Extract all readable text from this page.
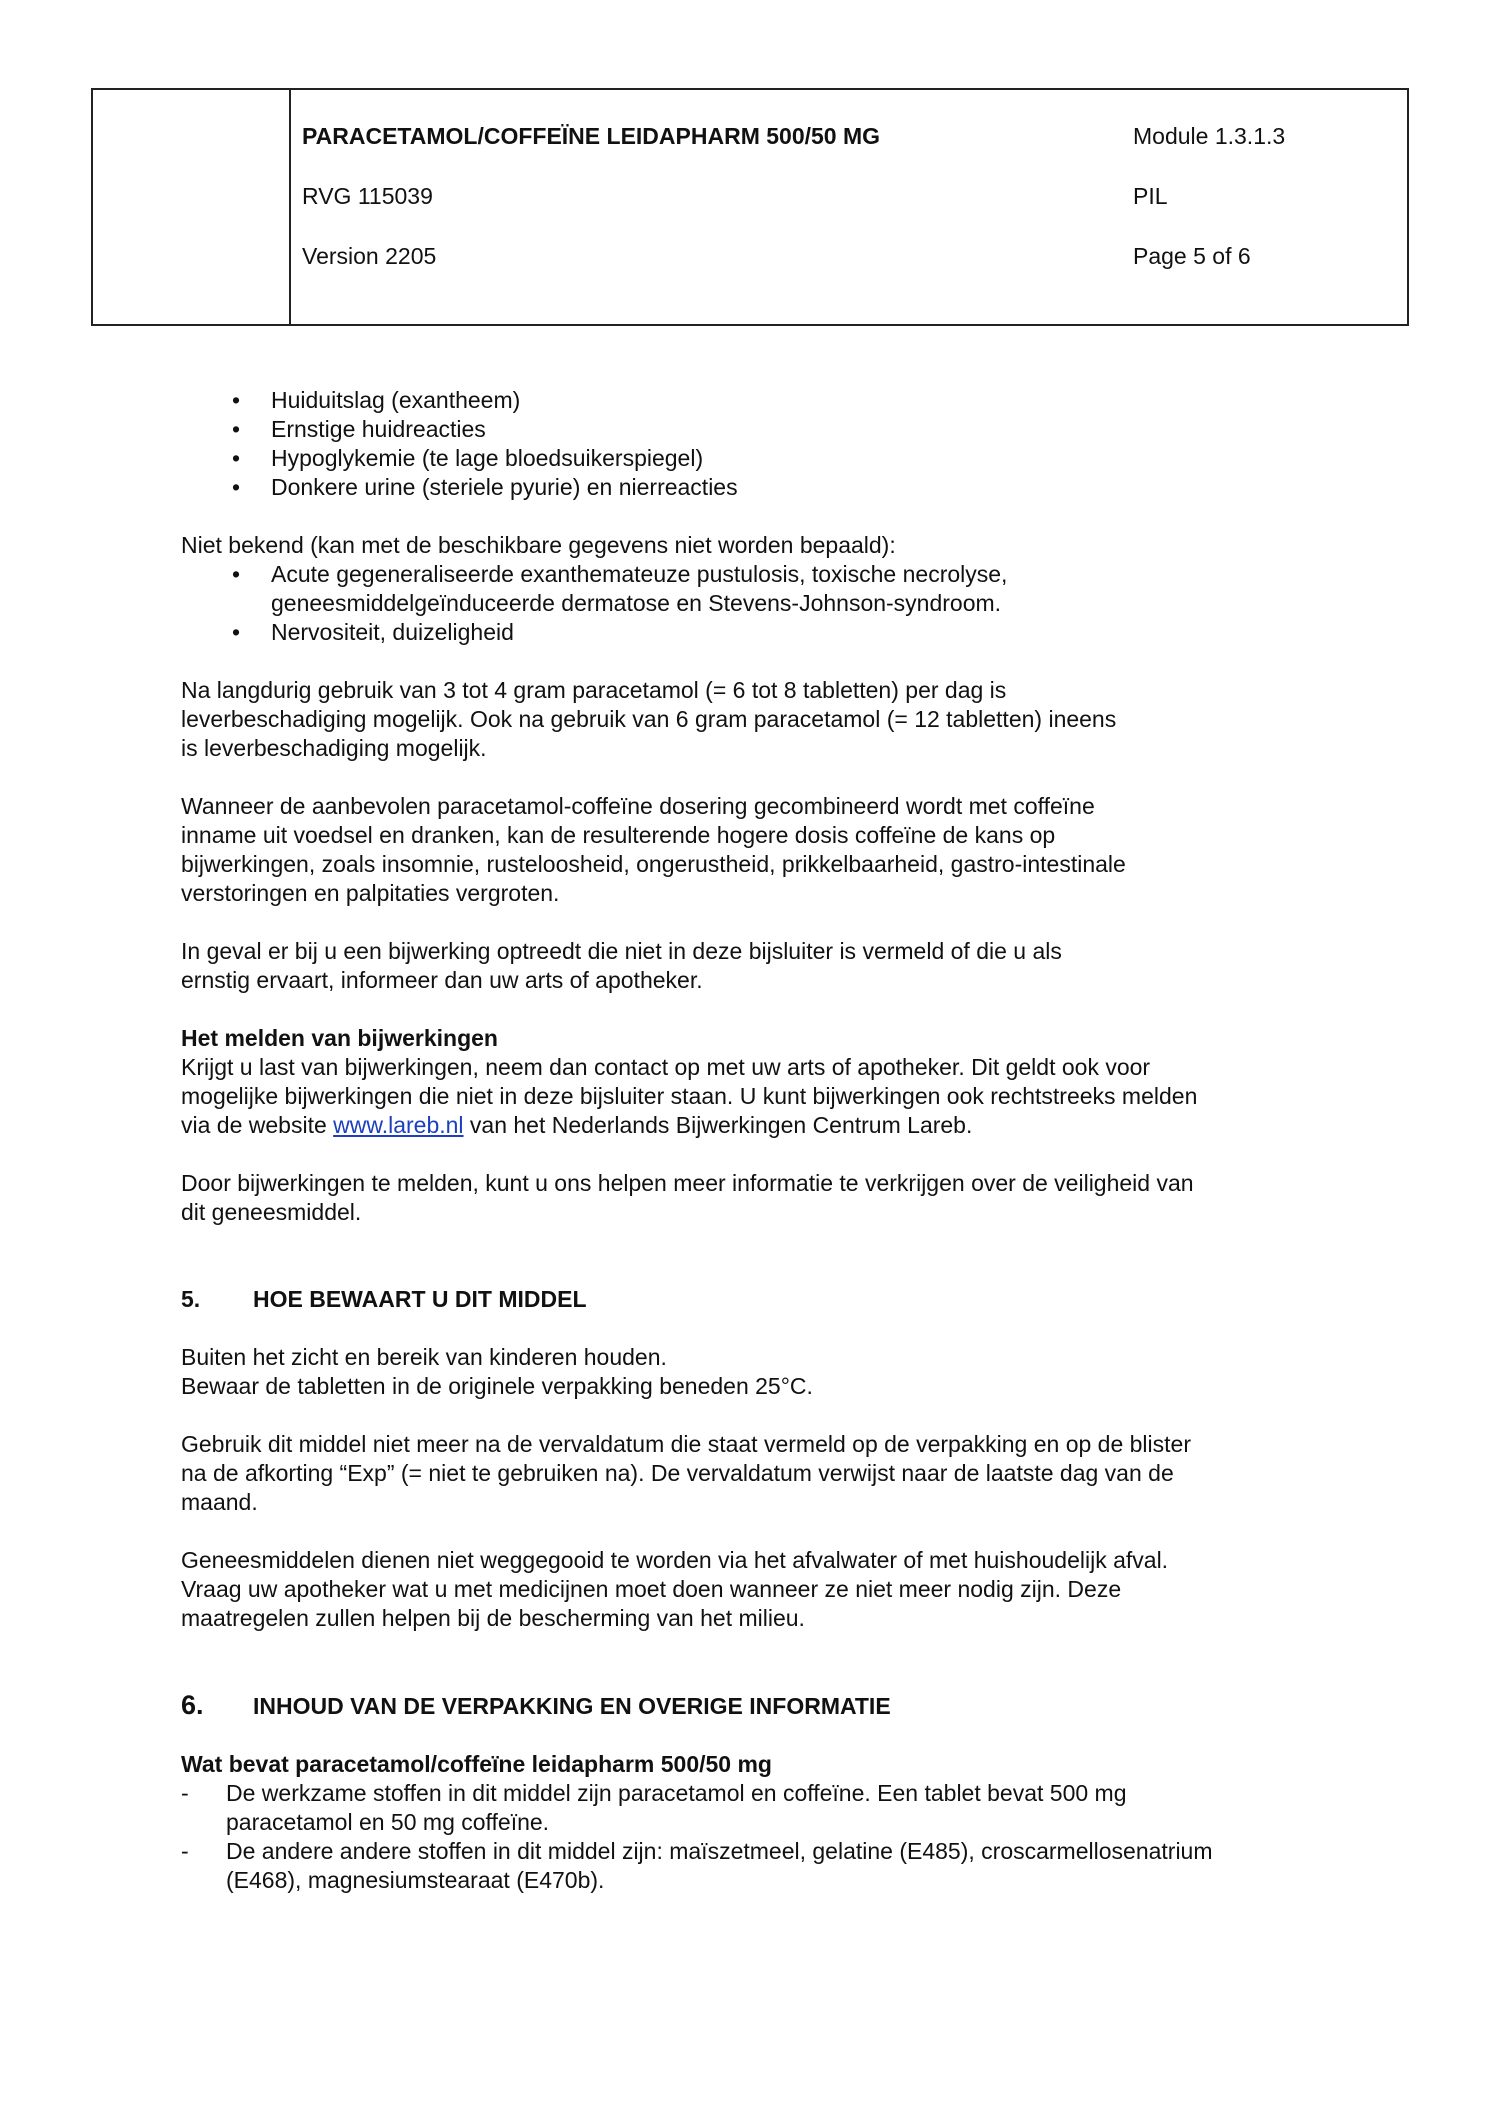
PARACETAMOL/COFFEÏNE LEIDAPHARM 500/50 MG
RVG 115039
Version 2205
Module 1.3.1.3
PIL
Page 5 of 6
• Huiduitslag (exantheem)
• Ernstige huidreacties
• Hypoglykemie (te lage bloedsuikerspiegel)
• Donkere urine (steriele pyurie) en nierreacties

Niet bekend (kan met de beschikbare gegevens niet worden bepaald):

• Acute gegeneraliseerde exanthemateuze pustulosis, toxische necrolyse,
geneesmiddelgeïnduceerde dermatose en Stevens-Johnson-syndroom.
• Nervositeit, duizeligheid

Na langdurig gebruik van 3 tot 4 gram paracetamol (= 6 tot 8 tabletten) per dag is
leverbeschadiging mogelijk. Ook na gebruik van 6 gram paracetamol (= 12 tabletten) ineens
is leverbeschadiging mogelijk.

Wanneer de aanbevolen paracetamol-coffeïne dosering gecombineerd wordt met coffeïne
inname uit voedsel en dranken, kan de resulterende hogere dosis coffeïne de kans op
bijwerkingen, zoals insomnie, rusteloosheid, ongerustheid, prikkelbaarheid, gastro-intestinale
verstoringen en palpitaties vergroten.

In geval er bij u een bijwerking optreedt die niet in deze bijsluiter is vermeld of die u als
ernstig ervaart, informeer dan uw arts of apotheker.

Het melden van bijwerkingen

Krijgt u last van bijwerkingen, neem dan contact op met uw arts of apotheker. Dit geldt ook voor
mogelijke bijwerkingen die niet in deze bijsluiter staan. U kunt bijwerkingen ook rechtstreeks melden
via de website www.lareb.nl van het Nederlands Bijwerkingen Centrum Lareb.

Door bijwerkingen te melden, kunt u ons helpen meer informatie te verkrijgen over de veiligheid van
dit geneesmiddel.

5. HOE BEWAART U DIT MIDDEL

Buiten het zicht en bereik van kinderen houden.
Bewaar de tabletten in de originele verpakking beneden 25°C.

Gebruik dit middel niet meer na de vervaldatum die staat vermeld op de verpakking en op de blister
na de afkorting “Exp” (= niet te gebruiken na). De vervaldatum verwijst naar de laatste dag van de
maand.

Geneesmiddelen dienen niet weggegooid te worden via het afvalwater of met huishoudelijk afval.
Vraag uw apotheker wat u met medicijnen moet doen wanneer ze niet meer nodig zijn. Deze
maatregelen zullen helpen bij de bescherming van het milieu.

6. INHOUD VAN DE VERPAKKING EN OVERIGE INFORMATIE

Wat bevat paracetamol/coffeïne leidapharm 500/50 mg

- De werkzame stoffen in dit middel zijn paracetamol en coffeïne. Een tablet bevat 500 mg
paracetamol en 50 mg coffeïne.
- De andere andere stoffen in dit middel zijn: maïszetmeel, gelatine (E485), croscarmellosenatrium
(E468), magnesiumstearaat (E470b).
